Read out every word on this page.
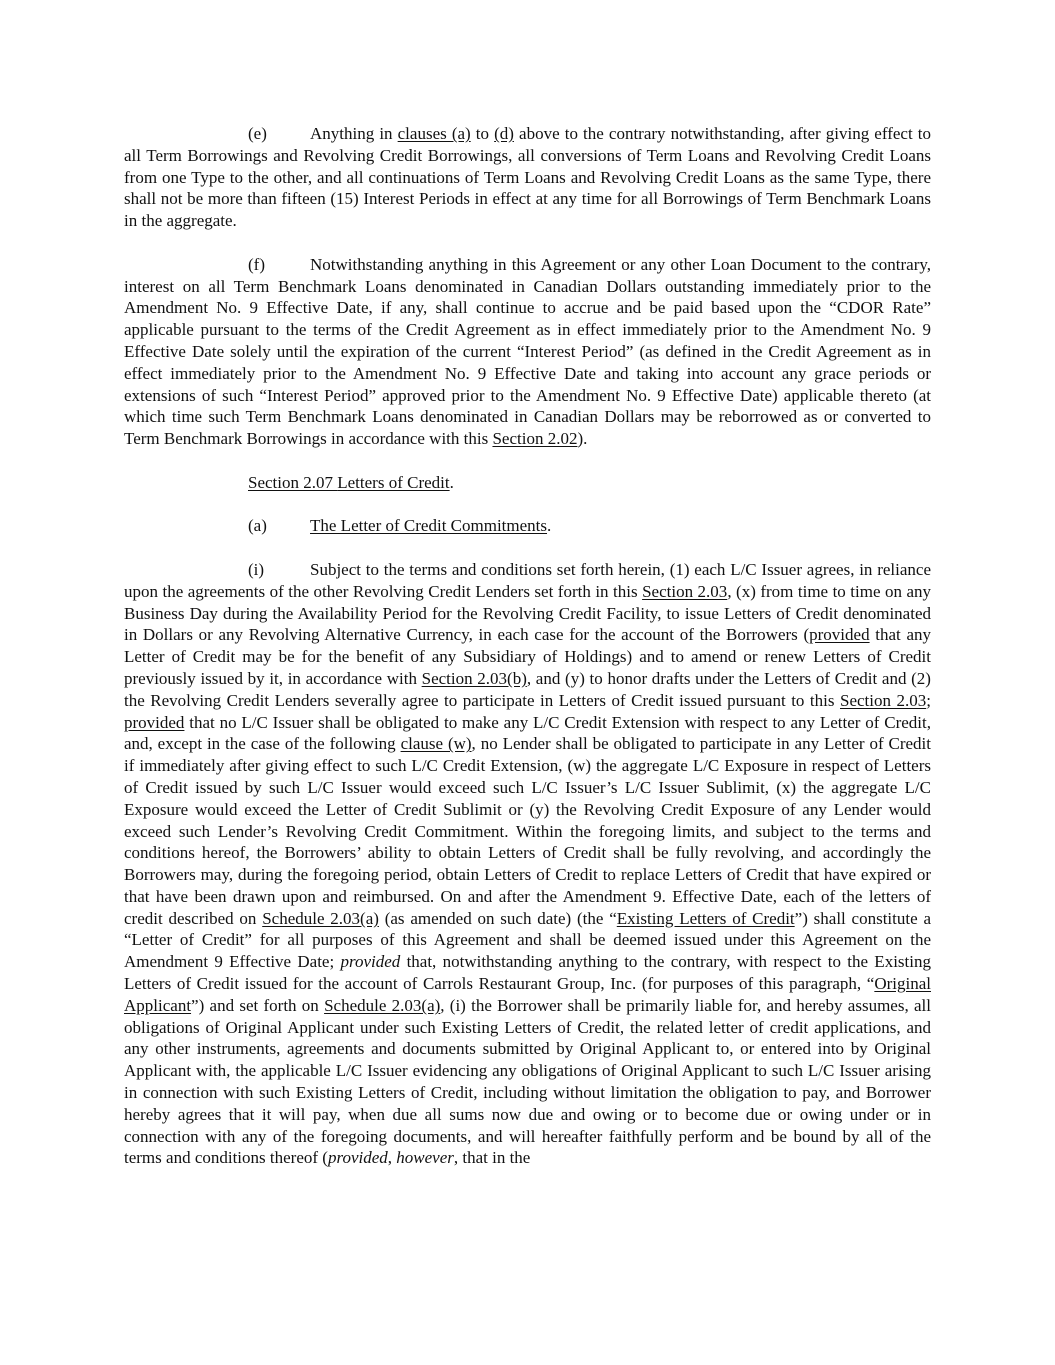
(e)	Anything in clauses (a) to (d) above to the contrary notwithstanding, after giving effect to all Term Borrowings and Revolving Credit Borrowings, all conversions of Term Loans and Revolving Credit Loans from one Type to the other, and all continuations of Term Loans and Revolving Credit Loans as the same Type, there shall not be more than fifteen (15) Interest Periods in effect at any time for all Borrowings of Term Benchmark Loans in the aggregate.

(f)	Notwithstanding anything in this Agreement or any other Loan Document to the contrary, interest on all Term Benchmark Loans denominated in Canadian Dollars outstanding immediately prior to the Amendment No. 9 Effective Date, if any, shall continue to accrue and be paid based upon the “CDOR Rate” applicable pursuant to the terms of the Credit Agreement as in effect immediately prior to the Amendment No. 9 Effective Date solely until the expiration of the current “Interest Period” (as defined in the Credit Agreement as in effect immediately prior to the Amendment No. 9 Effective Date and taking into account any grace periods or extensions of such “Interest Period” approved prior to the Amendment No. 9 Effective Date) applicable thereto (at which time such Term Benchmark Loans denominated in Canadian Dollars may be reborrowed as or converted to Term Benchmark Borrowings in accordance with this Section 2.02).

Section 2.07 Letters of Credit.

(a)	The Letter of Credit Commitments.

(i)	Subject to the terms and conditions set forth herein, (1) each L/C Issuer agrees, in reliance upon the agreements of the other Revolving Credit Lenders set forth in this Section 2.03, (x) from time to time on any Business Day during the Availability Period for the Revolving Credit Facility, to issue Letters of Credit denominated in Dollars or any Revolving Alternative Currency, in each case for the account of the Borrowers (provided that any Letter of Credit may be for the benefit of any Subsidiary of Holdings) and to amend or renew Letters of Credit previously issued by it, in accordance with Section 2.03(b), and (y) to honor drafts under the Letters of Credit and (2) the Revolving Credit Lenders severally agree to participate in Letters of Credit issued pursuant to this Section 2.03; provided that no L/C Issuer shall be obligated to make any L/C Credit Extension with respect to any Letter of Credit, and, except in the case of the following clause (w), no Lender shall be obligated to participate in any Letter of Credit if immediately after giving effect to such L/C Credit Extension, (w) the aggregate L/C Exposure in respect of Letters of Credit issued by such L/C Issuer would exceed such L/C Issuer’s L/C Issuer Sublimit, (x) the aggregate L/C Exposure would exceed the Letter of Credit Sublimit or (y) the Revolving Credit Exposure of any Lender would exceed such Lender’s Revolving Credit Commitment. Within the foregoing limits, and subject to the terms and conditions hereof, the Borrowers’ ability to obtain Letters of Credit shall be fully revolving, and accordingly the Borrowers may, during the foregoing period, obtain Letters of Credit to replace Letters of Credit that have expired or that have been drawn upon and reimbursed. On and after the Amendment 9. Effective Date, each of the letters of credit described on Schedule 2.03(a) (as amended on such date) (the “Existing Letters of Credit”) shall constitute a “Letter of Credit” for all purposes of this Agreement and shall be deemed issued under this Agreement on the Amendment 9 Effective Date; provided that, notwithstanding anything to the contrary, with respect to the Existing Letters of Credit issued for the account of Carrols Restaurant Group, Inc. (for purposes of this paragraph, “Original Applicant”) and set forth on Schedule 2.03(a), (i) the Borrower shall be primarily liable for, and hereby assumes, all obligations of Original Applicant under such Existing Letters of Credit, the related letter of credit applications, and any other instruments, agreements and documents submitted by Original Applicant to, or entered into by Original Applicant with, the applicable L/C Issuer evidencing any obligations of Original Applicant to such L/C Issuer arising in connection with such Existing Letters of Credit, including without limitation the obligation to pay, and Borrower hereby agrees that it will pay, when due all sums now due and owing or to become due or owing under or in connection with any of the foregoing documents, and will hereafter faithfully perform and be bound by all of the terms and conditions thereof (provided, however, that in the
